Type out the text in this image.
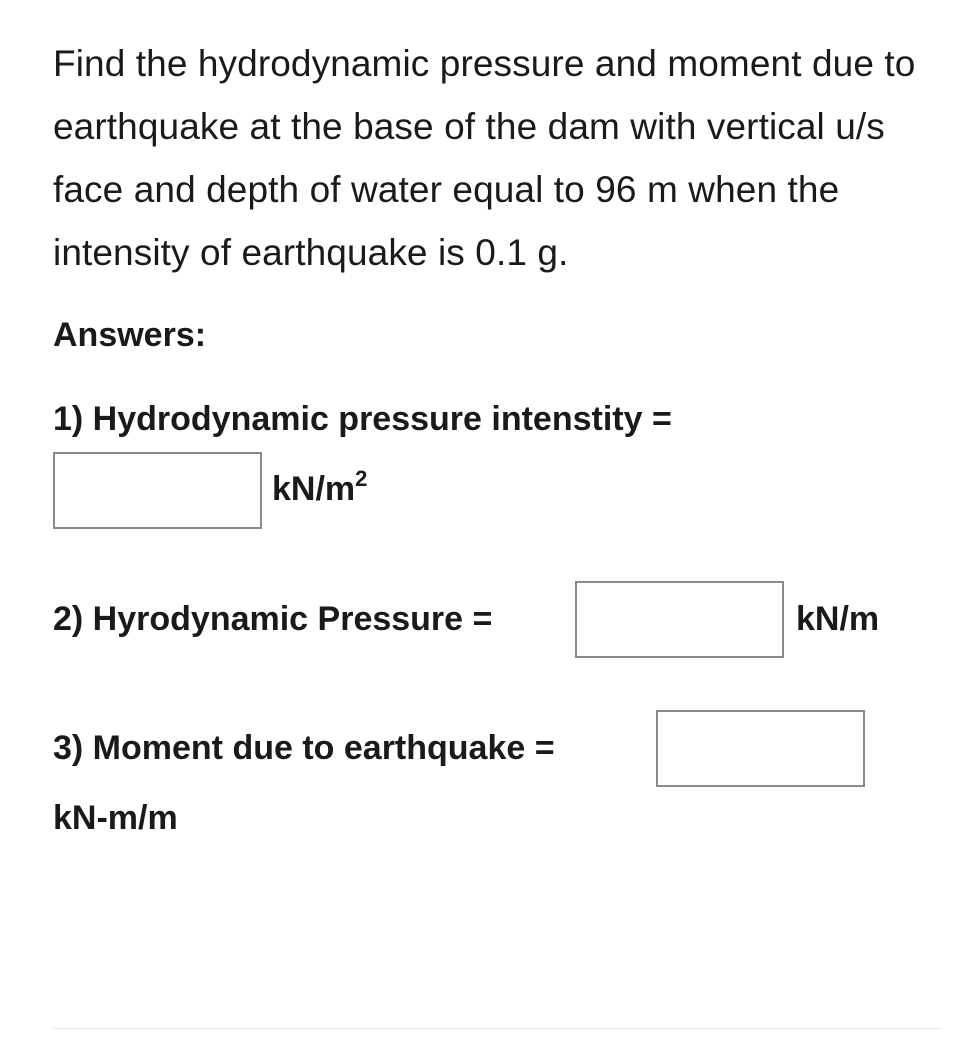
Find the hydrodynamic pressure and moment due to earthquake at the base of the dam with vertical u/s face and depth of water equal to 96 m when the intensity of earthquake is 0.1 g.
Answers:
1) Hydrodynamic pressure intenstity =
$kN/m^2$
2) Hyrodynamic Pressure =	kN/m
3) Moment due to earthquake =
kN-m/m
